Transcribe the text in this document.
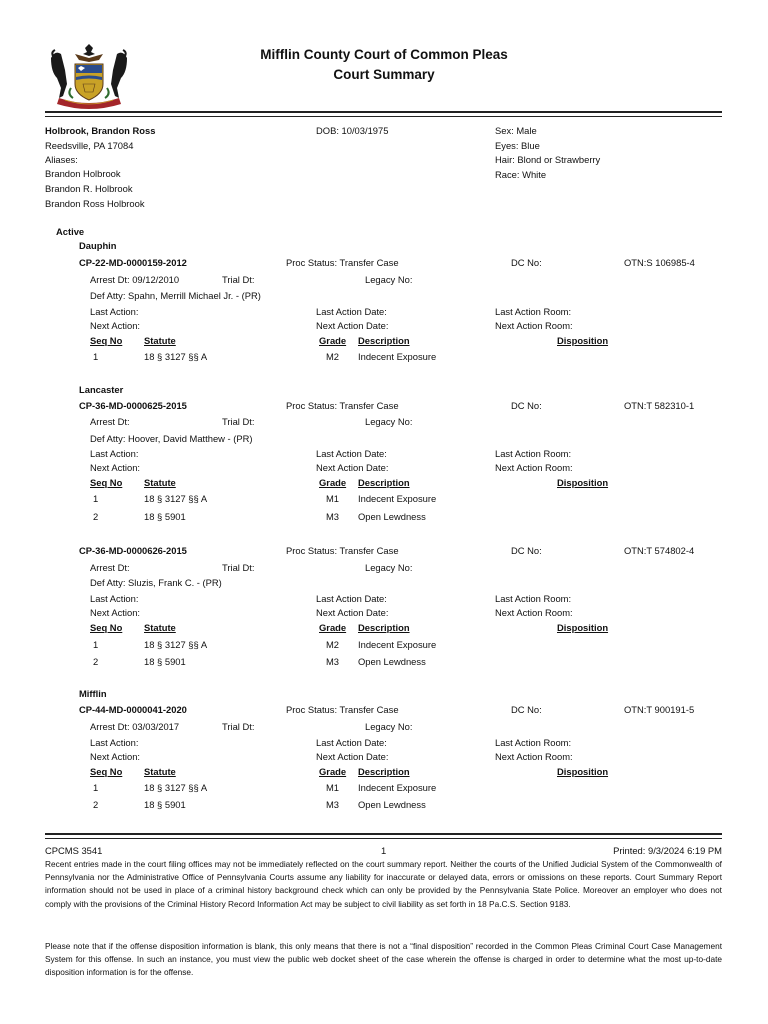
Mifflin County Court of Common Pleas
Court Summary
Holbrook, Brandon Ross
Reedsville, PA 17084
Aliases:
Brandon Holbrook
Brandon R. Holbrook
Brandon Ross Holbrook
DOB: 10/03/1975	Sex: Male
Eyes: Blue
Hair: Blond or Strawberry
Race: White
Active
Dauphin
CP-22-MD-0000159-2012	Proc Status: Transfer Case	DC No:	OTN:S 106985-4
Arrest Dt: 09/12/2010	Trial Dt:	Legacy No:
Def Atty: Spahn, Merrill Michael Jr. - (PR)
Last Action:	Last Action Date:	Last Action Room:
Next Action:	Next Action Date:	Next Action Room:
Seq No Statute	Grade Description	Disposition
1	18 § 3127 §§ A	M2 Indecent Exposure
Lancaster
CP-36-MD-0000625-2015	Proc Status: Transfer Case	DC No:	OTN:T 582310-1
Arrest Dt:	Trial Dt:	Legacy No:
Def Atty: Hoover, David Matthew - (PR)
Last Action:	Last Action Date:	Last Action Room:
Next Action:	Next Action Date:	Next Action Room:
Seq No Statute	Grade Description	Disposition
1	18 § 3127 §§ A	M1 Indecent Exposure
2	18 § 5901	M3 Open Lewdness
CP-36-MD-0000626-2015	Proc Status: Transfer Case	DC No:	OTN:T 574802-4
Arrest Dt:	Trial Dt:	Legacy No:
Def Atty: Sluzis, Frank C. - (PR)
Last Action:	Last Action Date:	Last Action Room:
Next Action:	Next Action Date:	Next Action Room:
Seq No Statute	Grade Description	Disposition
1	18 § 3127 §§ A	M2 Indecent Exposure
2	18 § 5901	M3 Open Lewdness
Mifflin
CP-44-MD-0000041-2020	Proc Status: Transfer Case	DC No:	OTN:T 900191-5
Arrest Dt: 03/03/2017	Trial Dt:	Legacy No:
Last Action:	Last Action Date:	Last Action Room:
Next Action:	Next Action Date:	Next Action Room:
Seq No Statute	Grade Description	Disposition
1	18 § 3127 §§ A	M1 Indecent Exposure
2	18 § 5901	M3 Open Lewdness
CPCMS 3541	1	Printed: 9/3/2024 6:19 PM
Recent entries made in the court filing offices may not be immediately reflected on the court summary report. Neither the courts of the Unified Judicial System of the Commonwealth of Pennsylvania nor the Administrative Office of Pennsylvania Courts assume any liability for inaccurate or delayed data, errors or omissions on these reports. Court Summary Report information should not be used in place of a criminal history background check which can only be provided by the Pennsylvania State Police. Moreover an employer who does not comply with the provisions of the Criminal History Record Information Act may be subject to civil liability as set forth in 18 Pa.C.S. Section 9183.
Please note that if the offense disposition information is blank, this only means that there is not a “final disposition” recorded in the Common Pleas Criminal Court Case Management System for this offense. In such an instance, you must view the public web docket sheet of the case wherein the offense is charged in order to determine what the most up-to-date disposition information is for the offense.
